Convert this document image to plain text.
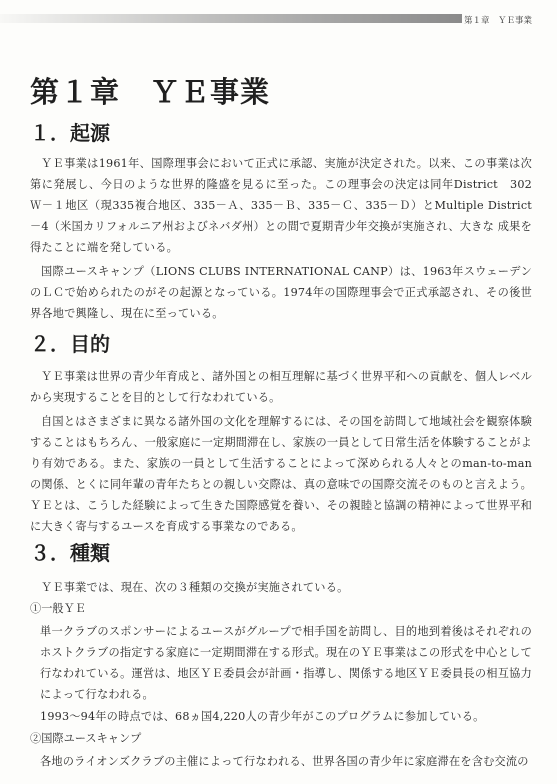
第１章　ＹＥ事業
第１章　ＹＥ事業
１．起源

ＹＥ事業は1961年、国際理事会において正式に承認、実施が決定された。以来、この事業は次第に発展し、今日のような世界的隆盛を見るに至った。この理事会の決定は同年District　302 Ｗ－１地区（現335複合地区、335－Ａ、335－Ｂ、335－Ｃ、335－Ｄ）とMultiple District－4（米国カリフォルニア州およびネバダ州）との間で夏期青少年交換が実施され、大きな 成果を得たことに端を発している。

国際ユースキャンプ（LIONS CLUBS INTERNATIONAL CANP）は、1963年スウェーデンのＬＣで始められたのがその起源となっている。1974年の国際理事会で正式承認され、その後世界各地で興隆し、現在に至っている。

２．目的

ＹＥ事業は世界の青少年育成と、諸外国との相互理解に基づく世界平和への貢献を、個人レベルから実現することを目的として行なわれている。

自国とはさまざまに異なる諸外国の文化を理解するには、その国を訪問して地域社会を観察体験することはもちろん、一般家庭に一定期間滞在し、家族の一員として日常生活を体験することがより有効である。また、家族の一員として生活することによって深められる人々とのman-to-manの関係、とくに同年輩の青年たちとの親しい交際は、真の意味での国際交流そのものと言えよう。ＹＥとは、こうした経験によって生きた国際感覚を養い、その親睦と協調の精神によって世界平和に大きく寄与するユースを育成する事業なのである。

３．種類

ＹＥ事業では、現在、次の３種類の交換が実施されている。

①一般ＹＥ

単一クラブのスポンサーによるユースがグループで相手国を訪問し、目的地到着後はそれぞれのホストクラブの指定する家庭に一定期間滞在する形式。現在のＹＥ事業はこの形式を中心として行なわれている。運営は、地区ＹＥ委員会が計画・指導し、関係する地区ＹＥ委員長の相互協力によって行なわれる。

1993～94年の時点では、68ヵ国4,220人の青少年がこのプログラムに参加している。

②国際ユースキャンプ

各地のライオンズクラブの主催によって行なわれる、世界各国の青少年に家庭滞在を含む交流の
